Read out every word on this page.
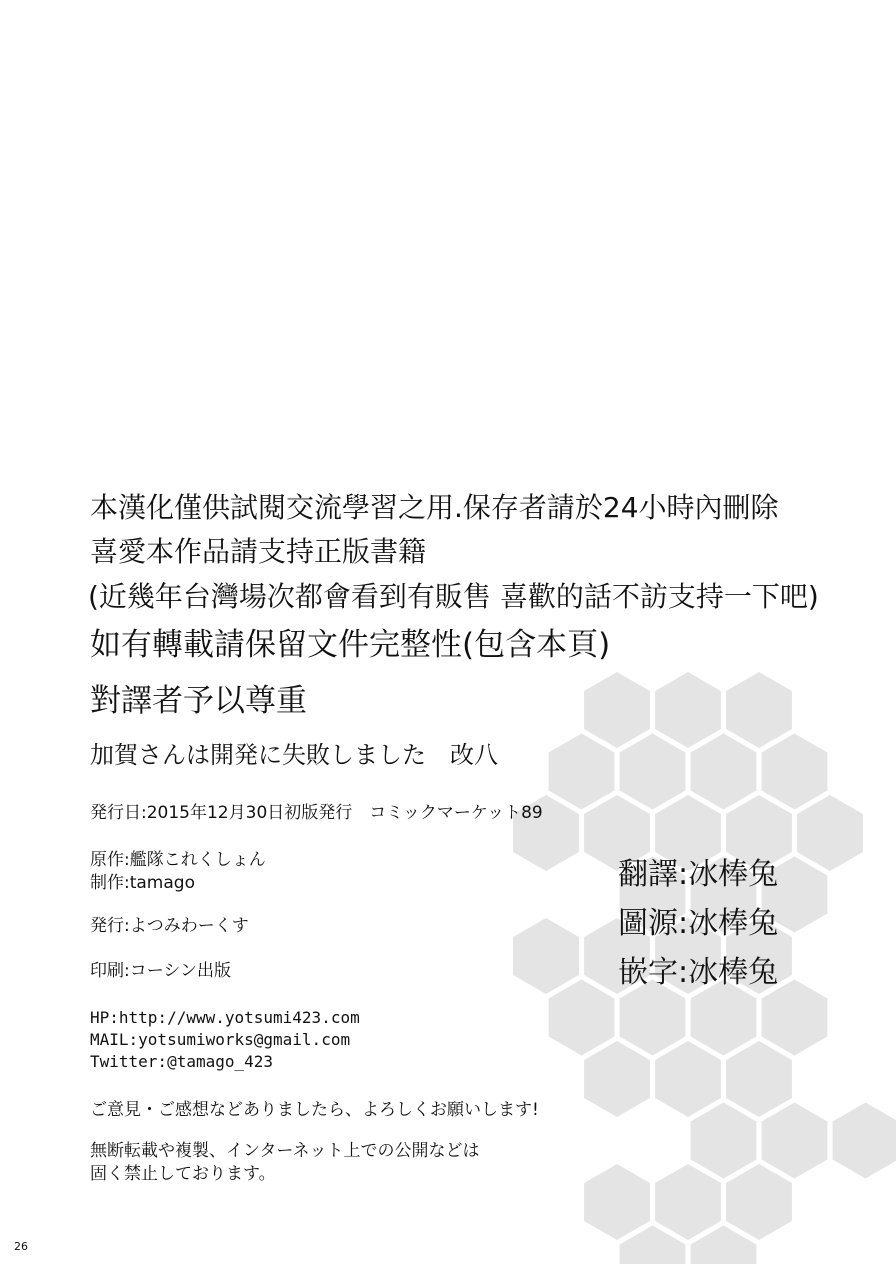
本漢化僅供試閱交流學習之用.保存者請於24小時內刪除

喜愛本作品請支持正版書籍

(近幾年台灣場次都會看到有販售 喜歡的話不訪支持一下吧)

如有轉載請保留文件完整性(包含本頁)

對譯者予以尊重

加賀さんは開発に失敗しました　改八

発行日:2015年12月30日初版発行　コミックマーケット89

原作:艦隊これくしょん

制作:tamago

発行:よつみわーくす

印刷:コーシン出版

HP:http://www.yotsumi423.com

MAIL:yotsumiworks@gmail.com

Twitter:@tamago_423

ご意見・ご感想などありましたら、よろしくお願いします!

無断転載や複製、インターネット上での公開などは

固く禁止しております。

翻譯:冰棒兔

圖源:冰棒兔

嵌字:冰棒兔

26
